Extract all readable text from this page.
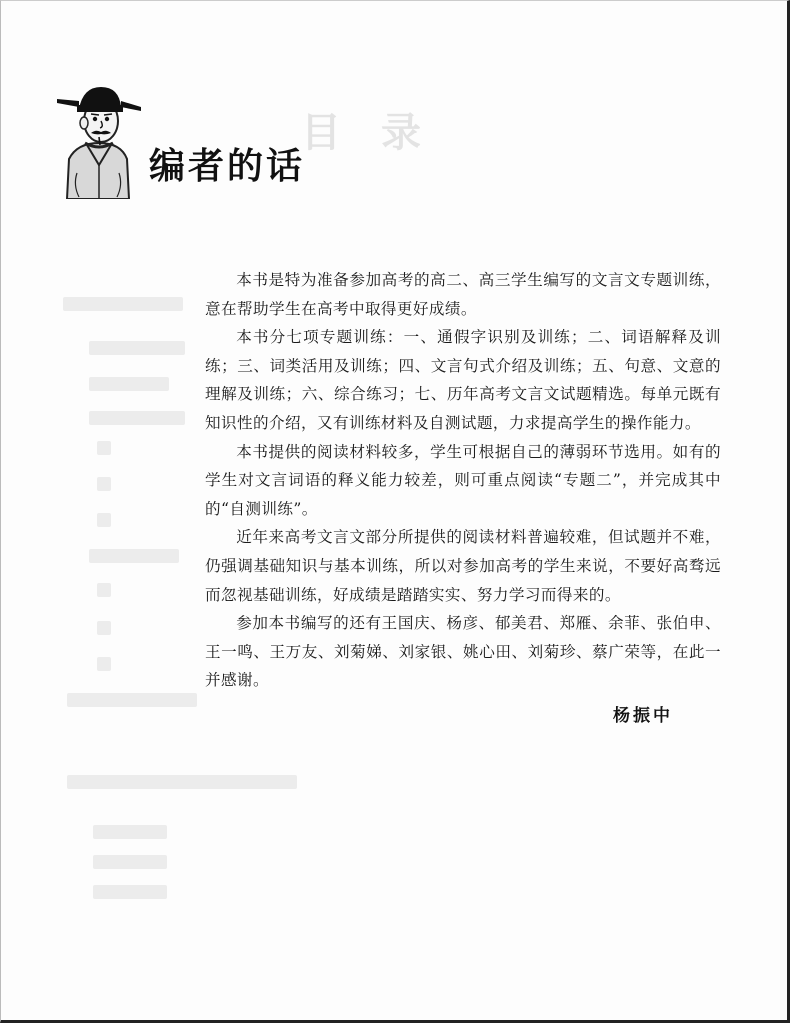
目录
编者的话

本书是特为准备参加高考的高二、高三学生编写的文言文专题训练，意在帮助学生在高考中取得更好成绩。

本书分七项专题训练：一、通假字识别及训练；二、词语解释及训练；三、词类活用及训练；四、文言句式介绍及训练；五、句意、文意的理解及训练；六、综合练习；七、历年高考文言文试题精选。每单元既有知识性的介绍，又有训练材料及自测试题，力求提高学生的操作能力。

本书提供的阅读材料较多，学生可根据自己的薄弱环节选用。如有的学生对文言词语的释义能力较差，则可重点阅读“专题二”，并完成其中的“自测训练”。

近年来高考文言文部分所提供的阅读材料普遍较难，但试题并不难，仍强调基础知识与基本训练，所以对参加高考的学生来说，不要好高骛远而忽视基础训练，好成绩是踏踏实实、努力学习而得来的。

参加本书编写的还有王国庆、杨彦、郁美君、郑雁、余菲、张伯申、王一鸣、王万友、刘菊娣、刘家银、姚心田、刘菊珍、蔡广荣等，在此一并感谢。

杨振中
